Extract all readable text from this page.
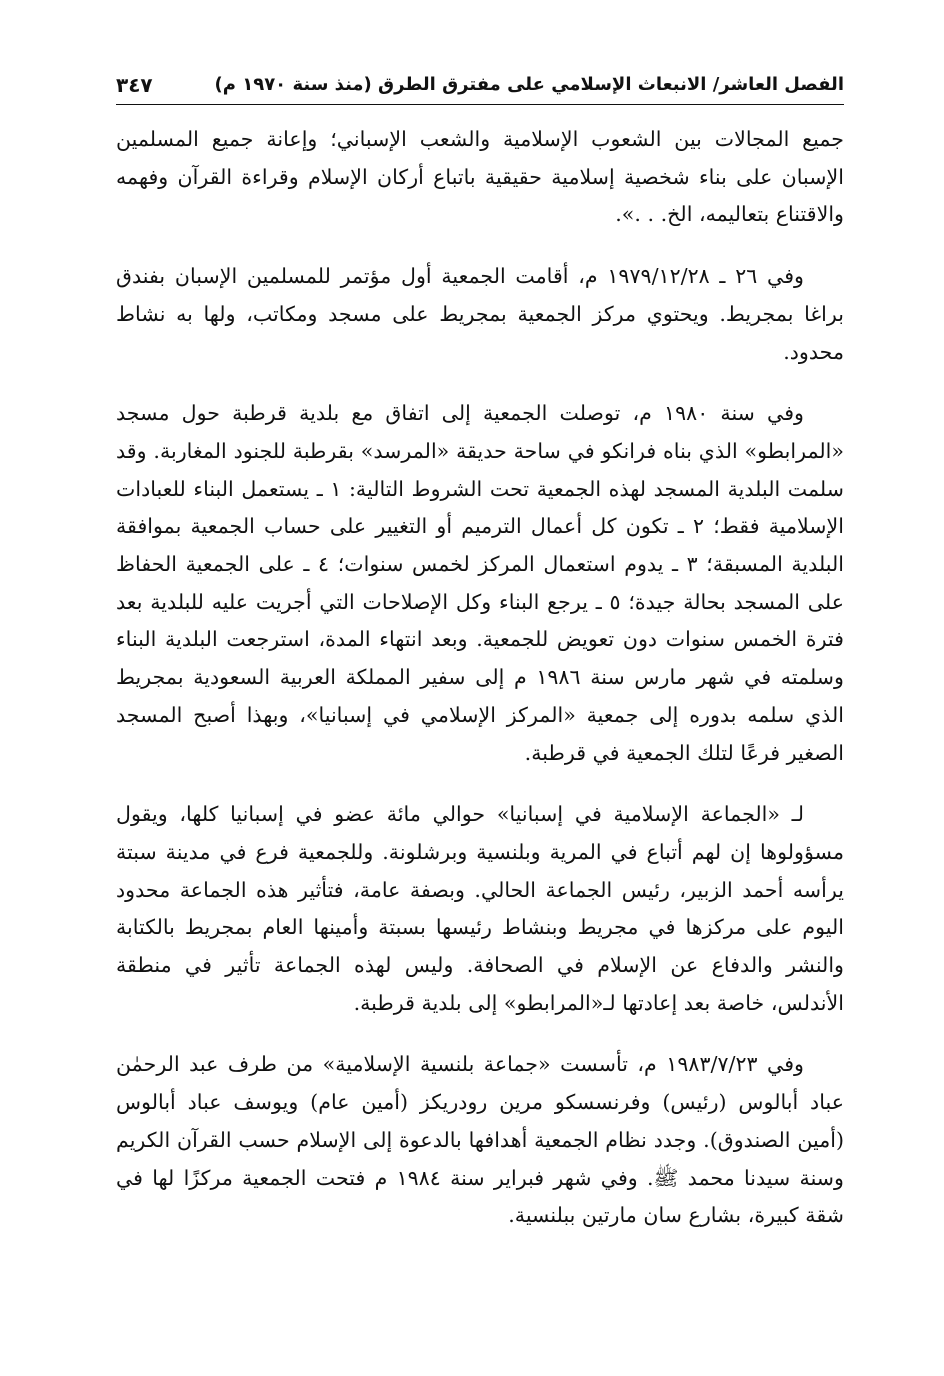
الفصل العاشر/ الانبعاث الإسلامي على مفترق الطرق (منذ سنة ١٩٧٠ م)
٣٤٧

جميع المجالات بين الشعوب الإسلامية والشعب الإسباني؛ وإعانة جميع المسلمين الإسبان على بناء شخصية إسلامية حقيقية باتباع أركان الإسلام وقراءة القرآن وفهمه والاقتناع بتعاليمه، الخ. . .».

وفي ٢٦ ـ ١٩٧٩/١٢/٢٨ م، أقامت الجمعية أول مؤتمر للمسلمين الإسبان بفندق براغا بمجريط. ويحتوي مركز الجمعية بمجريط على مسجد ومكاتب، ولها به نشاط محدود.

وفي سنة ١٩٨٠ م، توصلت الجمعية إلى اتفاق مع بلدية قرطبة حول مسجد «المرابطو» الذي بناه فرانكو في ساحة حديقة «المرسد» بقرطبة للجنود المغاربة. وقد سلمت البلدية المسجد لهذه الجمعية تحت الشروط التالية: ١ ـ يستعمل البناء للعبادات الإسلامية فقط؛ ٢ ـ تكون كل أعمال الترميم أو التغيير على حساب الجمعية بموافقة البلدية المسبقة؛ ٣ ـ يدوم استعمال المركز لخمس سنوات؛ ٤ ـ على الجمعية الحفاظ على المسجد بحالة جيدة؛ ٥ ـ يرجع البناء وكل الإصلاحات التي أجريت عليه للبلدية بعد فترة الخمس سنوات دون تعويض للجمعية. وبعد انتهاء المدة، استرجعت البلدية البناء وسلمته في شهر مارس سنة ١٩٨٦ م إلى سفير المملكة العربية السعودية بمجريط الذي سلمه بدوره إلى جمعية «المركز الإسلامي في إسبانيا»، وبهذا أصبح المسجد الصغير فرعًا لتلك الجمعية في قرطبة.

لـ «الجماعة الإسلامية في إسبانيا» حوالي مائة عضو في إسبانيا كلها، ويقول مسؤولوها إن لهم أتباع في المرية وبلنسية وبرشلونة. وللجمعية فرع في مدينة سبتة يرأسه أحمد الزبير، رئيس الجماعة الحالي. وبصفة عامة، فتأثير هذه الجماعة محدود اليوم على مركزها في مجريط وبنشاط رئيسها بسبتة وأمينها العام بمجريط بالكتابة والنشر والدفاع عن الإسلام في الصحافة. وليس لهذه الجماعة تأثير في منطقة الأندلس، خاصة بعد إعادتها لـ«المرابطو» إلى بلدية قرطبة.

وفي ١٩٨٣/٧/٢٣ م، تأسست «جماعة بلنسية الإسلامية» من طرف عبد الرحمٰن عباد أبالوس (رئيس) وفرنسسكو مرين رودريكز (أمين عام) ويوسف عباد أبالوس (أمين الصندوق). وجدد نظام الجمعية أهدافها بالدعوة إلى الإسلام حسب القرآن الكريم وسنة سيدنا محمد ﷺ. وفي شهر فبراير سنة ١٩٨٤ م فتحت الجمعية مركزًا لها في شقة كبيرة، بشارع سان مارتين ببلنسية.
